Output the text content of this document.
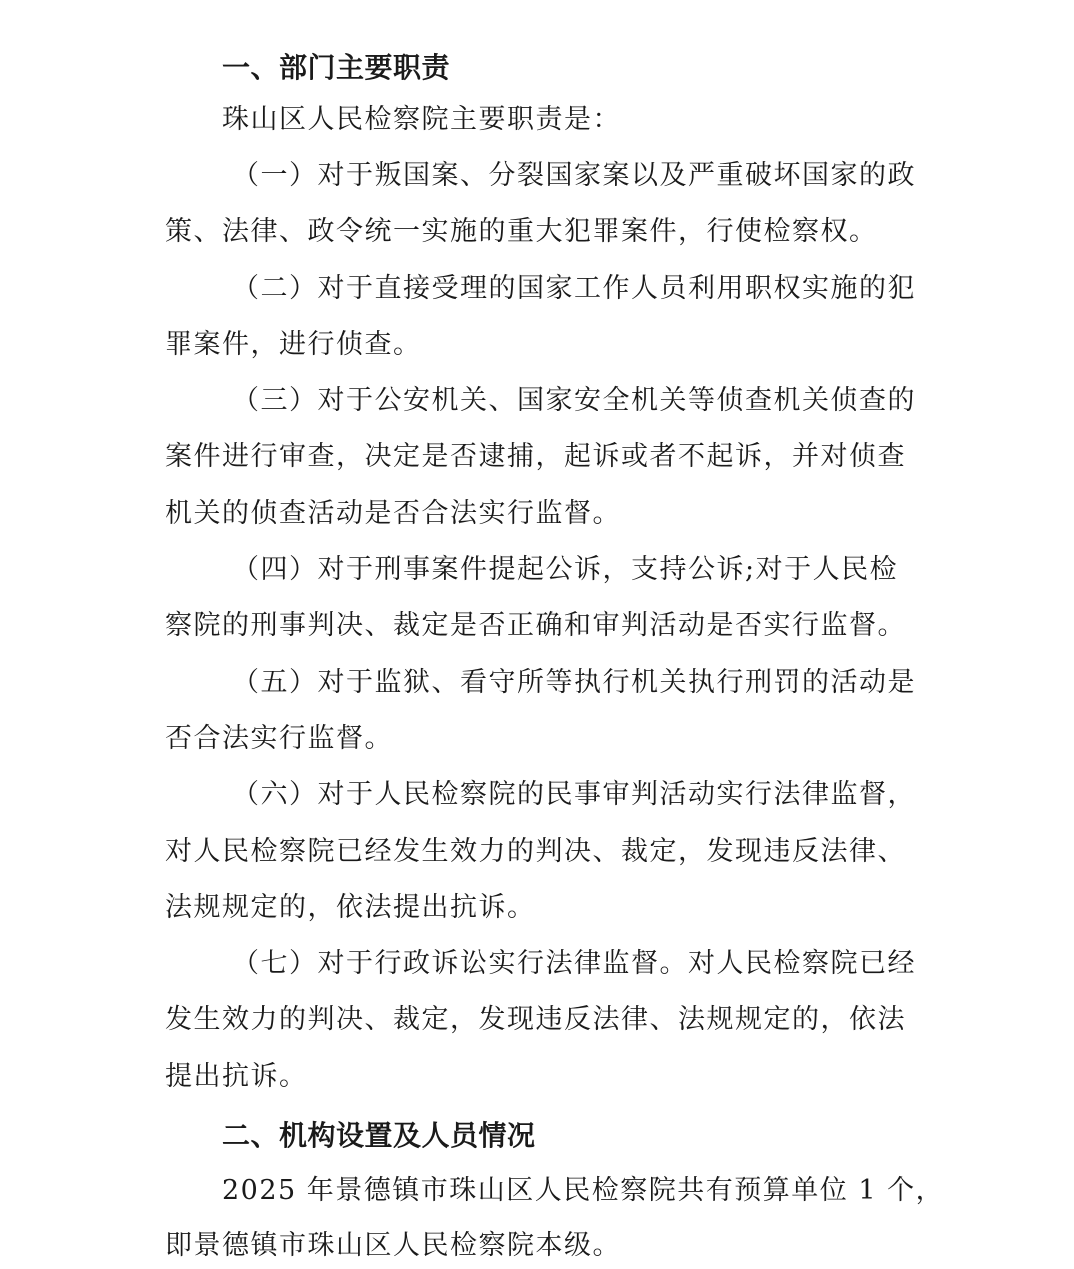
一、部门主要职责
珠山区人民检察院主要职责是：
（一）对于叛国案、分裂国家案以及严重破坏国家的政
策、法律、政令统一实施的重大犯罪案件，行使检察权。
（二）对于直接受理的国家工作人员利用职权实施的犯
罪案件，进行侦查。
（三）对于公安机关、国家安全机关等侦查机关侦查的
案件进行审查，决定是否逮捕，起诉或者不起诉，并对侦查
机关的侦查活动是否合法实行监督。
（四）对于刑事案件提起公诉，支持公诉;对于人民检
察院的刑事判决、裁定是否正确和审判活动是否实行监督。
（五）对于监狱、看守所等执行机关执行刑罚的活动是
否合法实行监督。
（六）对于人民检察院的民事审判活动实行法律监督，
对人民检察院已经发生效力的判决、裁定，发现违反法律、
法规规定的，依法提出抗诉。
（七）对于行政诉讼实行法律监督。对人民检察院已经
发生效力的判决、裁定，发现违反法律、法规规定的，依法
提出抗诉。
二、机构设置及人员情况
2025 年景德镇市珠山区人民检察院共有预算单位 1 个，
即景德镇市珠山区人民检察院本级。
